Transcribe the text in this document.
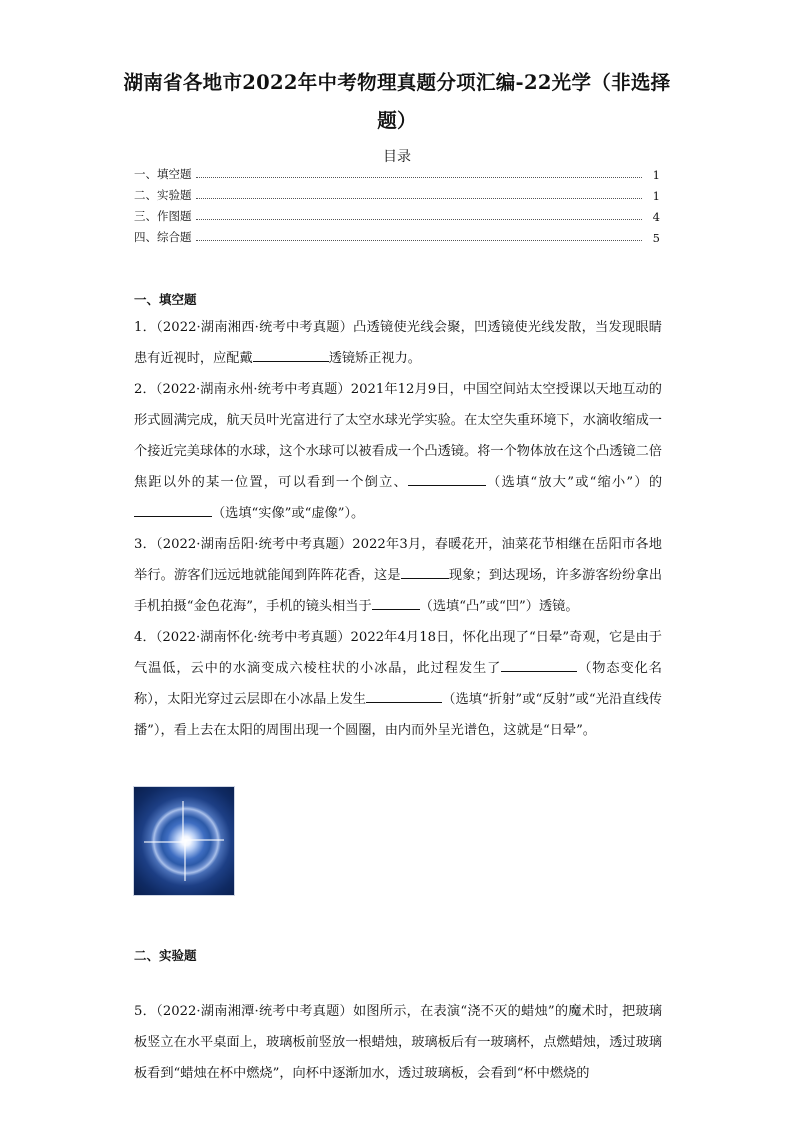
湖南省各地市2022年中考物理真题分项汇编-22光学（非选择题）
目录
一、填空题	1
二、实验题	1
三、作图题	4
四、综合题	5
一、填空题
1．（2022·湖南湘西·统考中考真题）凸透镜使光线会聚，凹透镜使光线发散，当发现眼睛患有近视时，应配戴	透镜矫正视力。
2．（2022·湖南永州·统考中考真题）2021年12月9日，中国空间站太空授课以天地互动的形式圆满完成，航天员叶光富进行了太空水球光学实验。在太空失重环境下，水滴收缩成一个接近完美球体的水球，这个水球可以被看成一个凸透镜。将一个物体放在这个凸透镜二倍焦距以外的某一位置，可以看到一个倒立、	（选填“放大”或“缩小”）的 （选填“实像”或“虚像”）。
3．（2022·湖南岳阳·统考中考真题）2022年3月，春暖花开，油菜花节相继在岳阳市各地举行。游客们远远地就能闻到阵阵花香，这是	现象；到达现场，许多游客纷纷拿出手机拍摄“金色花海”，手机的镜头相当于	（选填“凸”或“凹”）透镜。
4．（2022·湖南怀化·统考中考真题）2022年4月18日，怀化出现了“日晕”奇观，它是由于气温低，云中的水滴变成六棱柱状的小冰晶，此过程发生了	（物态变化名称），太阳光穿过云层即在小冰晶上发生	（选填“折射”或“反射”或“光沿直线传播”），看上去在太阳的周围出现一个圆圈，由内而外呈光谱色，这就是“日晕”。
二、实验题
5．（2022·湖南湘潭·统考中考真题）如图所示，在表演“浇不灭的蜡烛”的魔术时，把玻璃板竖立在水平桌面上，玻璃板前竖放一根蜡烛，玻璃板后有一玻璃杯，点燃蜡烛，透过玻璃板看到“蜡烛在杯中燃烧”，向杯中逐渐加水，透过玻璃板，会看到“杯中燃烧的
